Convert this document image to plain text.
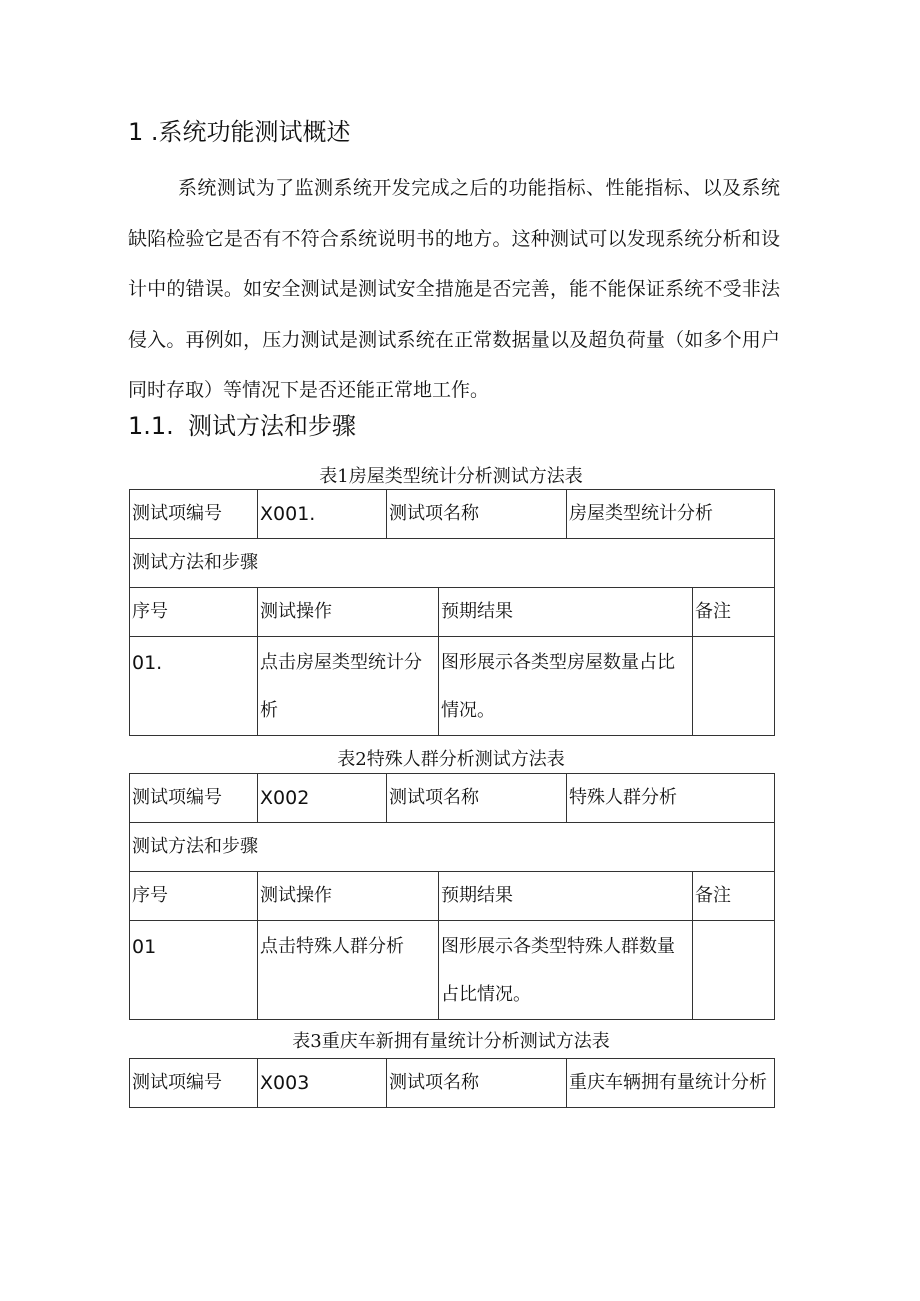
1 .系统功能测试概述

系统测试为了监测系统开发完成之后的功能指标、性能指标、以及系统缺陷检验它是否有不符合系统说明书的地方。这种测试可以发现系统分析和设计中的错误。如安全测试是测试安全措施是否完善，能不能保证系统不受非法侵入。再例如，压力测试是测试系统在正常数据量以及超负荷量（如多个用户同时存取）等情况下是否还能正常地工作。

1.1. 测试方法和步骤
表1房屋类型统计分析测试方法表
测试项编号	X001.	测试项名称		房屋类型统计分析	
测试方法和步骤					
序号	测试操作		预期结果		备注
01.	点击房屋类型统计分析		图形展示各类型房屋数量占比情况。		
表2特殊人群分析测试方法表
测试项编号	X002	测试项名称		特殊人群分析	
测试方法和步骤					
序号	测试操作		预期结果		备注
01	点击特殊人群分析		图形展示各类型特殊人群数量占比情况。		
表3重庆车新拥有量统计分析测试方法表
测试项编号	X003	测试项名称	重庆车辆拥有量统计分析
